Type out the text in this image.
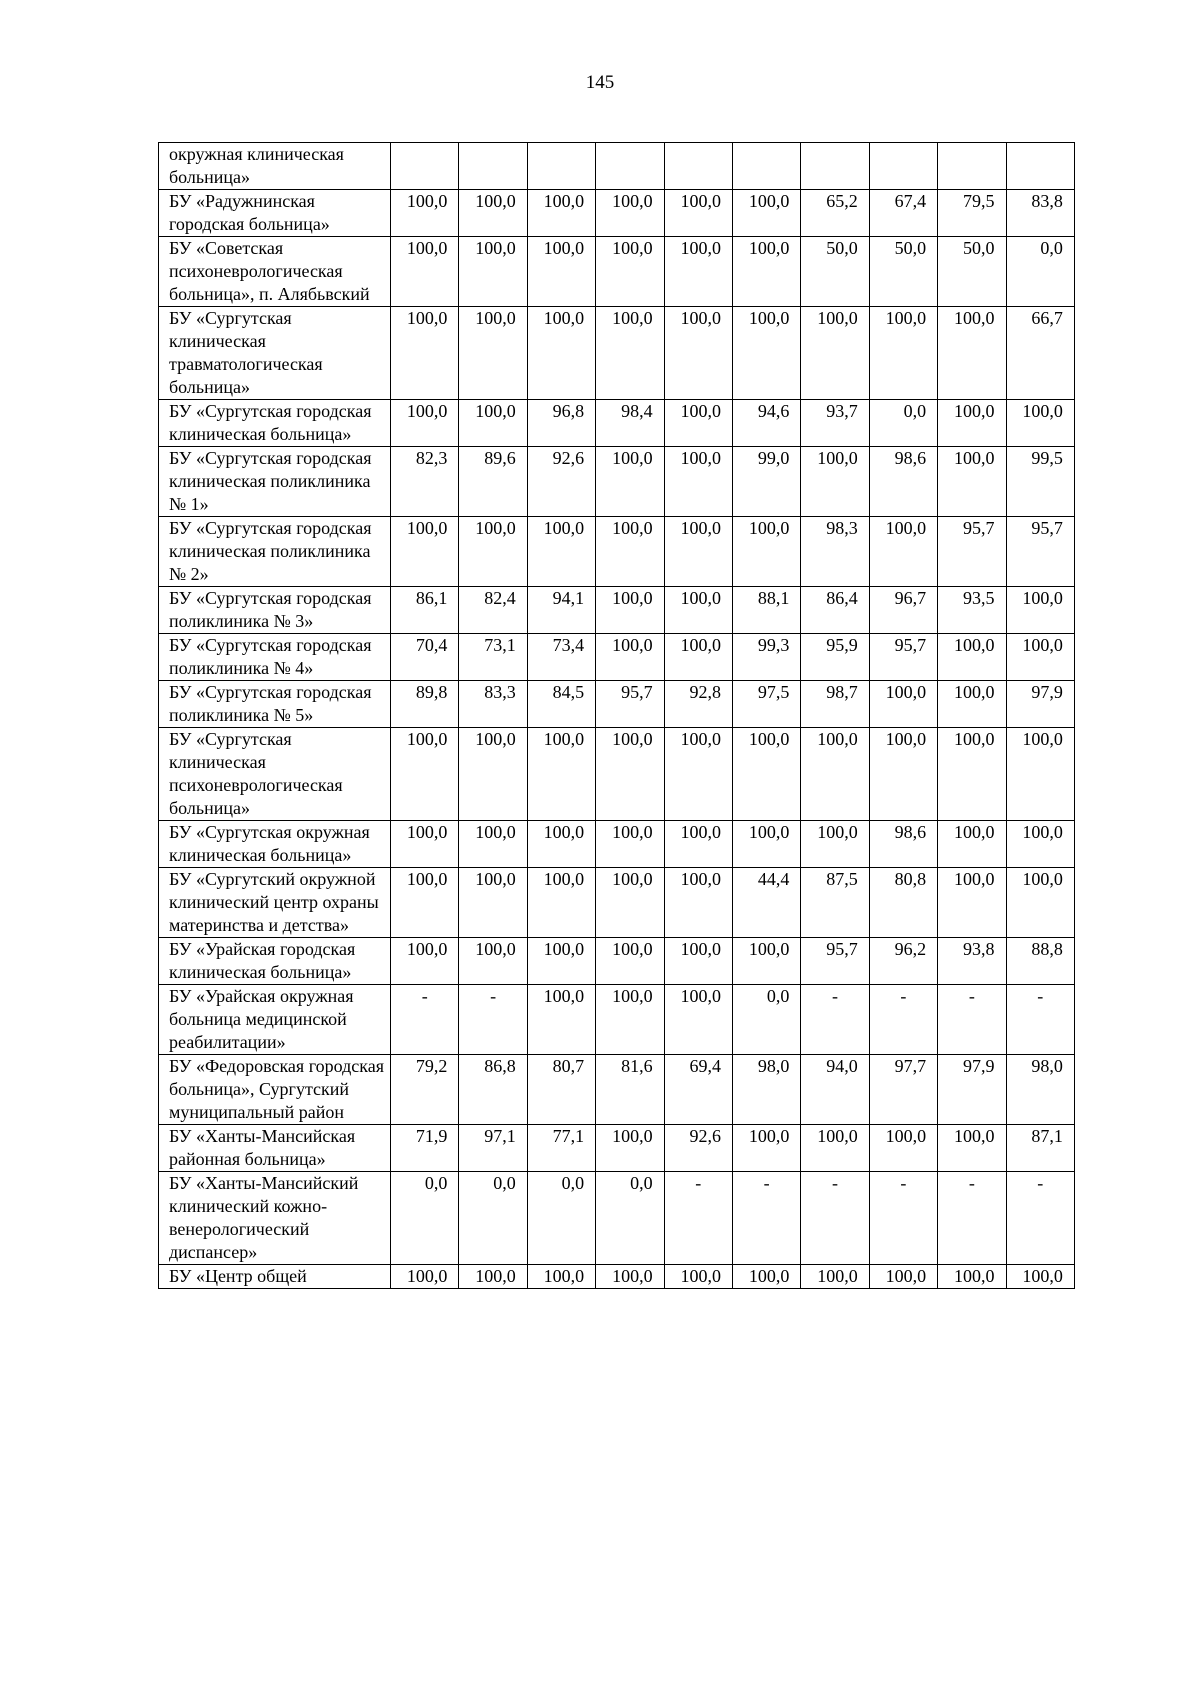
145
окружная клиническая больница»										
БУ «Радужнинская городская больница»	100,0	100,0	100,0	100,0	100,0	100,0	65,2	67,4	79,5	83,8
БУ «Советская психоневрологическая больница», п. Алябьвский	100,0	100,0	100,0	100,0	100,0	100,0	50,0	50,0	50,0	0,0
БУ «Сургутская клиническая травматологическая больница»	100,0	100,0	100,0	100,0	100,0	100,0	100,0	100,0	100,0	66,7
БУ «Сургутская городская клиническая больница»	100,0	100,0	96,8	98,4	100,0	94,6	93,7	0,0	100,0	100,0
БУ «Сургутская городская клиническая поликлиника № 1»	82,3	89,6	92,6	100,0	100,0	99,0	100,0	98,6	100,0	99,5
БУ «Сургутская городская клиническая поликлиника № 2»	100,0	100,0	100,0	100,0	100,0	100,0	98,3	100,0	95,7	95,7
БУ «Сургутская городская поликлиника № 3»	86,1	82,4	94,1	100,0	100,0	88,1	86,4	96,7	93,5	100,0
БУ «Сургутская городская поликлиника № 4»	70,4	73,1	73,4	100,0	100,0	99,3	95,9	95,7	100,0	100,0
БУ «Сургутская городская поликлиника № 5»	89,8	83,3	84,5	95,7	92,8	97,5	98,7	100,0	100,0	97,9
БУ «Сургутская клиническая психоневрологическая больница»	100,0	100,0	100,0	100,0	100,0	100,0	100,0	100,0	100,0	100,0
БУ «Сургутская окружная клиническая больница»	100,0	100,0	100,0	100,0	100,0	100,0	100,0	98,6	100,0	100,0
БУ «Сургутский окружной клинический центр охраны материнства и детства»	100,0	100,0	100,0	100,0	100,0	44,4	87,5	80,8	100,0	100,0
БУ «Урайская городская клиническая больница»	100,0	100,0	100,0	100,0	100,0	100,0	95,7	96,2	93,8	88,8
БУ «Урайская окружная больница медицинской реабилитации»	-	-	100,0	100,0	100,0	0,0	-	-	-	-
БУ «Федоровская городская больница», Сургутский муниципальный район	79,2	86,8	80,7	81,6	69,4	98,0	94,0	97,7	97,9	98,0
БУ «Ханты-Мансийская районная больница»	71,9	97,1	77,1	100,0	92,6	100,0	100,0	100,0	100,0	87,1
БУ «Ханты-Мансийский клинический кожно-венерологический диспансер»	0,0	0,0	0,0	0,0	-	-	-	-	-	-
БУ «Центр общей	100,0	100,0	100,0	100,0	100,0	100,0	100,0	100,0	100,0	100,0
